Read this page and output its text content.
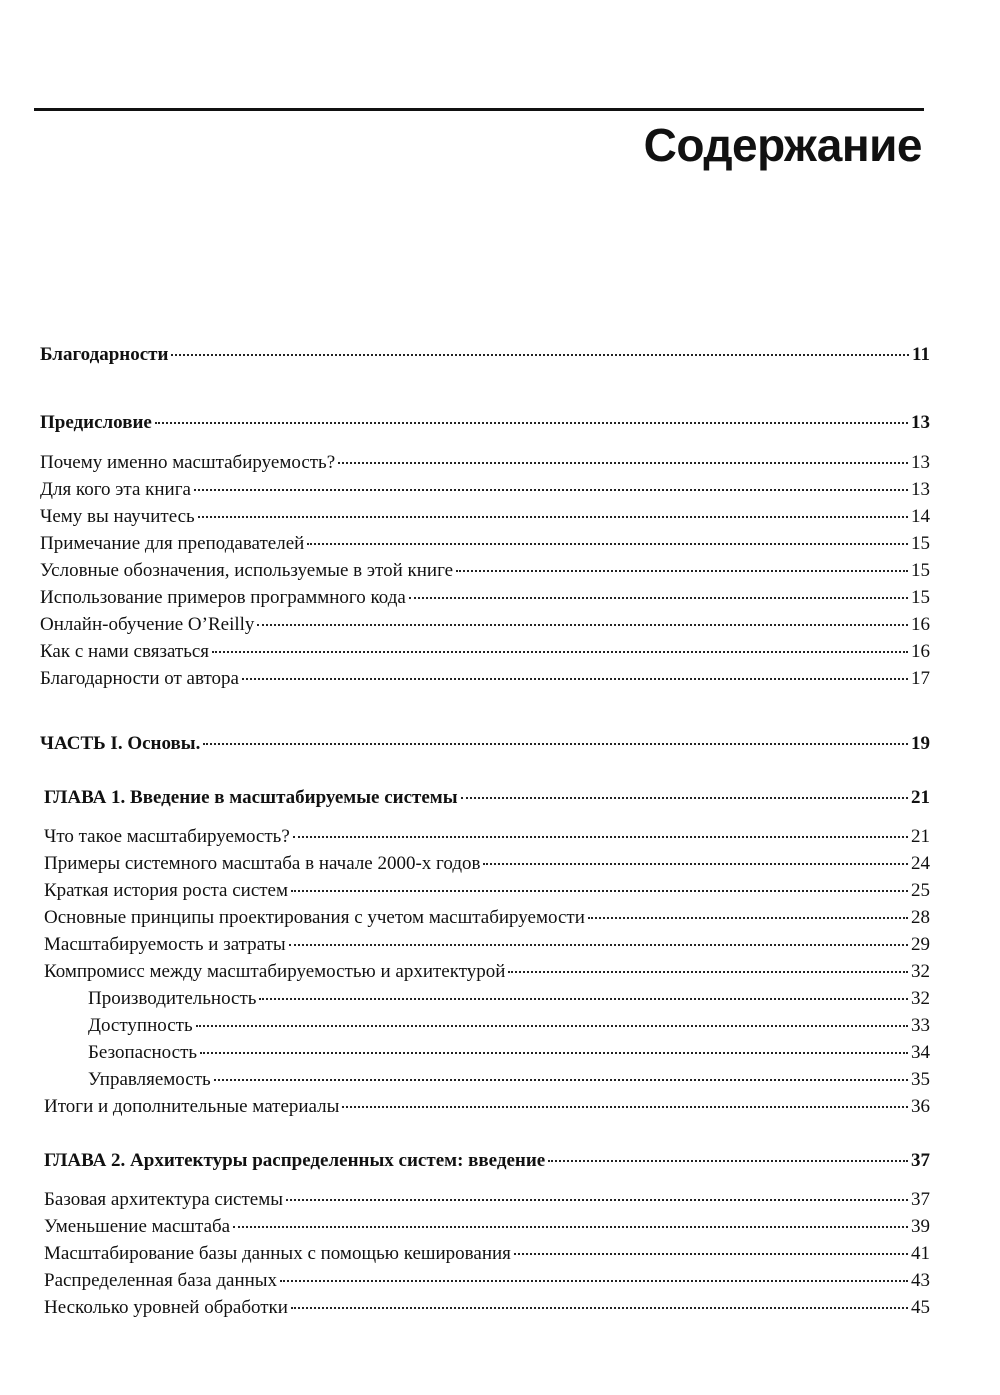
Содержание
Благодарности	11
Предисловие	13
Почему именно масштабируемость?	13
Для кого эта книга	13
Чему вы научитесь	14
Примечание для преподавателей	15
Условные обозначения, используемые в этой книге	15
Использование примеров программного кода	15
Онлайн-обучение O’Reilly	16
Как с нами связаться	16
Благодарности от автора	17
ЧАСТЬ I. Основы.	19
ГЛАВА 1. Введение в масштабируемые системы	21
Что такое масштабируемость?	21
Примеры системного масштаба в начале 2000-х годов	24
Краткая история роста систем	25
Основные принципы проектирования с учетом масштабируемости	28
Масштабируемость и затраты	29
Компромисс между масштабируемостью и архитектурой	32
Производительность	32
Доступность	33
Безопасность	34
Управляемость	35
Итоги и дополнительные материалы	36
ГЛАВА 2. Архитектуры распределенных систем: введение	37
Базовая архитектура системы	37
Уменьшение масштаба	39
Масштабирование базы данных с помощью кеширования	41
Распределенная база данных	43
Несколько уровней обработки	45
